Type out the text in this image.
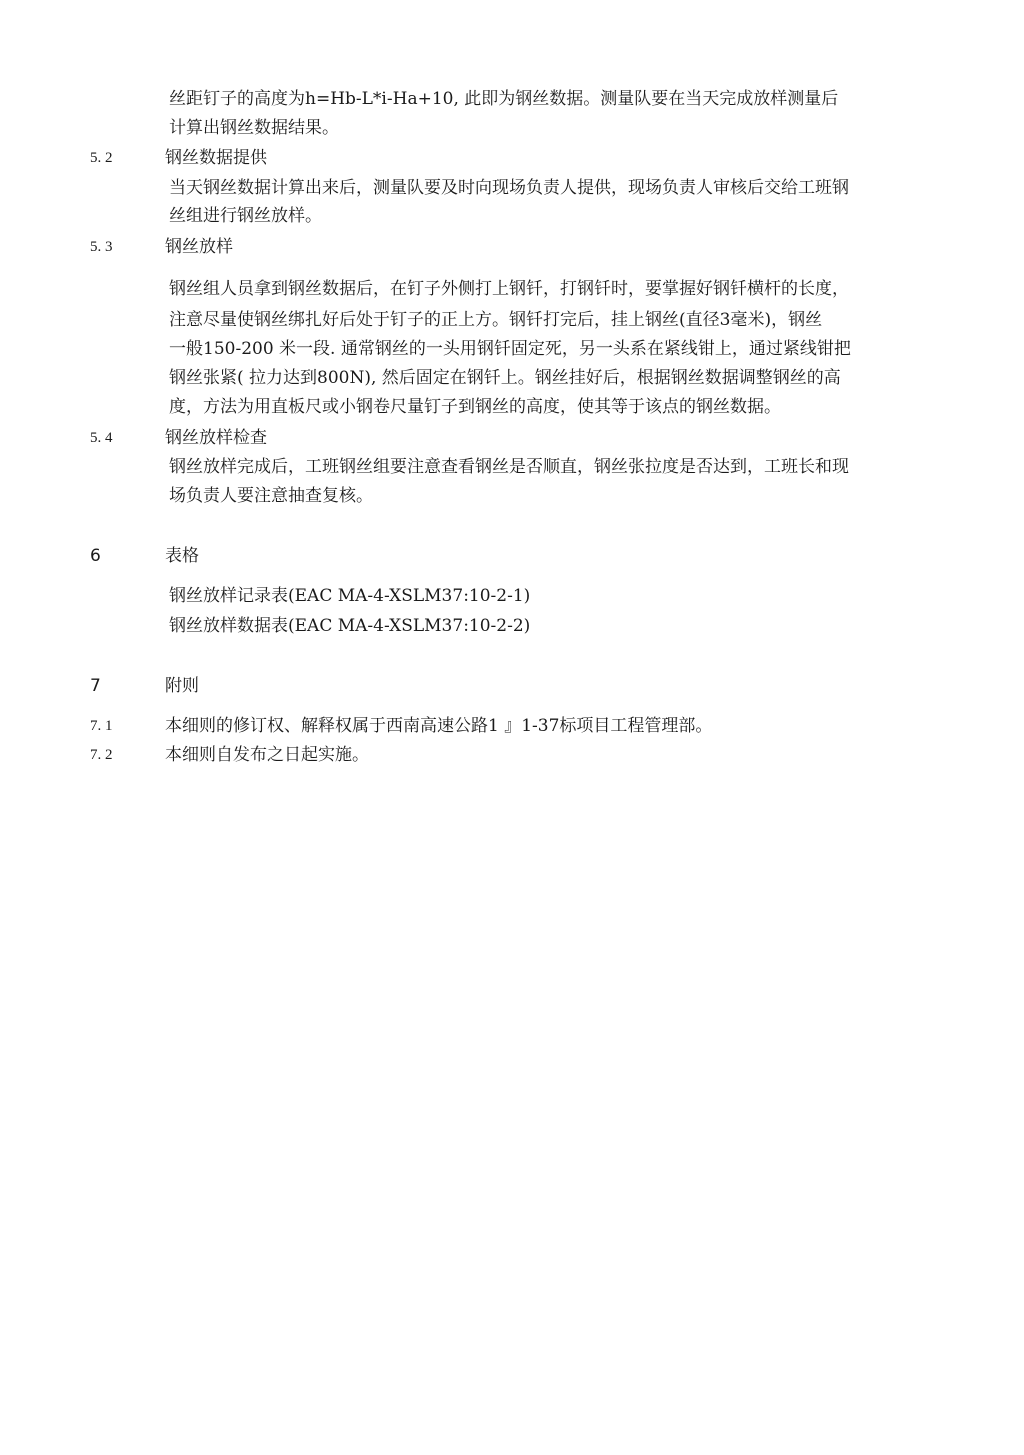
丝距钉子的高度为h=Hb-L*i-Ha+10, 此即为钢丝数据。测量队要在当天完成放样测量后
计算出钢丝数据结果。
5. 2	钢丝数据提供
当天钢丝数据计算出来后，测量队要及时向现场负责人提供，现场负责人审核后交给工班钢
丝组进行钢丝放样。
5. 3	钢丝放样
钢丝组人员拿到钢丝数据后，在钉子外侧打上钢钎，打钢钎时，要掌握好钢钎横杆的长度，
注意尽量使钢丝绑扎好后处于钉子的正上方。钢钎打完后，挂上钢丝(直径3毫米)，钢丝
一般150-200 米一段. 通常钢丝的一头用钢钎固定死，另一头系在紧线钳上，通过紧线钳把
钢丝张紧( 拉力达到800N), 然后固定在钢钎上。钢丝挂好后，根据钢丝数据调整钢丝的高
度，方法为用直板尺或小钢卷尺量钉子到钢丝的高度，使其等于该点的钢丝数据。
5. 4	钢丝放样检查
钢丝放样完成后，工班钢丝组要注意查看钢丝是否顺直，钢丝张拉度是否达到，工班长和现
场负责人要注意抽查复核。
6	表格
钢丝放样记录表(EAC MA-4-XSLM37:10-2-1)
钢丝放样数据表(EAC MA-4-XSLM37:10-2-2)
7	附则
7. 1	本细则的修订权、解释权属于西南高速公路1 』1-37标项目工程管理部。
7. 2	本细则自发布之日起实施。
